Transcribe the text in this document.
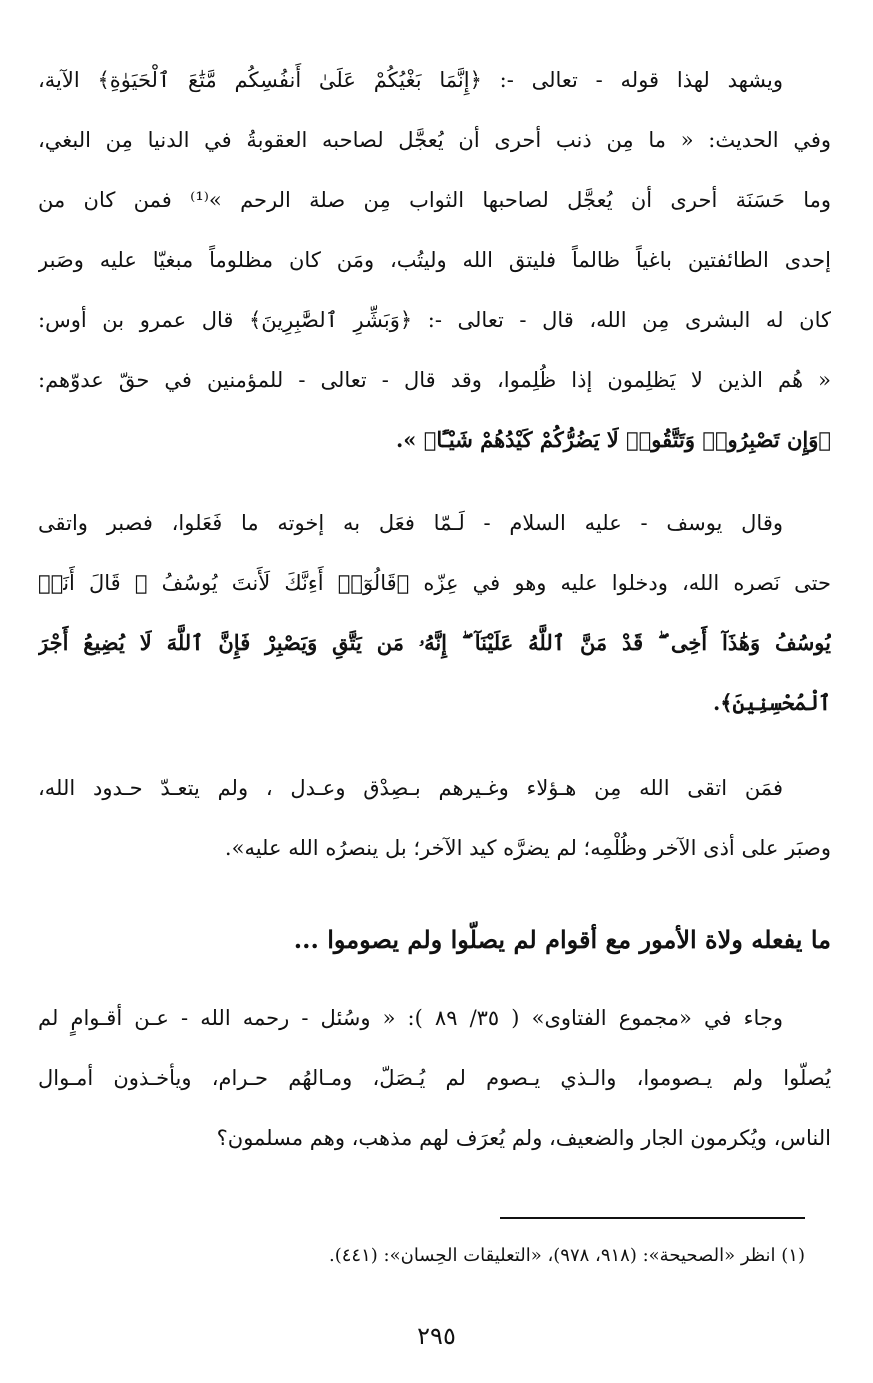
ويشهد لهذا قوله - تعالى -: ﴿إِنَّمَا بَغْيُكُمْ عَلَىٰ أَنفُسِكُم مَّتَٰعَ ٱلْحَيَوٰةِ﴾ الآية،
وفي الحديث: « ما مِن ذنب أحرى أن يُعجَّل لصاحبه العقوبةُ في الدنيا مِن البغي،
وما حَسَنَة أحرى أن يُعجَّل لصاحبها الثواب مِن صلة الرحم »⁽¹⁾ فمن كان من
إحدى الطائفتين باغياً ظالماً فليتق الله وليتُب، ومَن كان مظلوماً مبغيّا عليه وصَبر
كان له البشرى مِن الله، قال - تعالى -: ﴿وَبَشِّرِ ٱلصَّٰبِرِينَ﴾ قال عمرو بن أوس:
« هُم الذين لا يَظلِمون إذا ظُلِموا، وقد قال - تعالى - للمؤمنين في حقّ عدوّهم:
﴿وَإِن تَصْبِرُوا۟ وَتَتَّقُوا۟ لَا يَضُرُّكُمْ كَيْدُهُمْ شَيْـًٔا﴾ ».
وقال يوسف - عليه السلام - لَـمّا فعَل به إخوته ما فَعَلوا، فصبر واتقى
حتى نَصره الله، ودخلوا عليه وهو في عِزّه ﴿قَالُوٓا۟ أَءِنَّكَ لَأَنتَ يُوسُفُ ۖ قَالَ أَنَا۠
يُوسُفُ وَهَٰذَآ أَخِى ۖ قَدْ مَنَّ ٱللَّهُ عَلَيْنَآ ۖ إِنَّهُۥ مَن يَتَّقِ وَيَصْبِرْ فَإِنَّ ٱللَّهَ لَا يُضِيعُ أَجْرَ
ٱلْمُحْسِنِينَ﴾.
فمَن اتقى الله مِن هـؤلاء وغـيرهم بـصِدْق وعـدل ، ولم يتعـدّ حـدود الله،
وصبَر على أذى الآخر وظُلْمِه؛ لم يضرَّه كيد الآخر؛ بل ينصرُه الله عليه».
ما يفعله ولاة الأمور مع أقوام لم يصلّوا ولم يصوموا ...
وجاء في «مجموع الفتاوى» ( ٣٥/ ٨٩ ): « وسُئل - رحمه الله - عـن أقـوامٍ لم
يُصلّوا ولم يـصوموا، والـذي يـصوم لم يُـصَلّ، ومـالهُم حـرام، ويأخـذون أمـوال
الناس، ويُكرمون الجار والضعيف، ولم يُعرَف لهم مذهب، وهم مسلمون؟
(١) انظر «الصحيحة»: (٩١٨، ٩٧٨)، «التعليقات الحِسان»: (٤٤١).
٢٩٥
